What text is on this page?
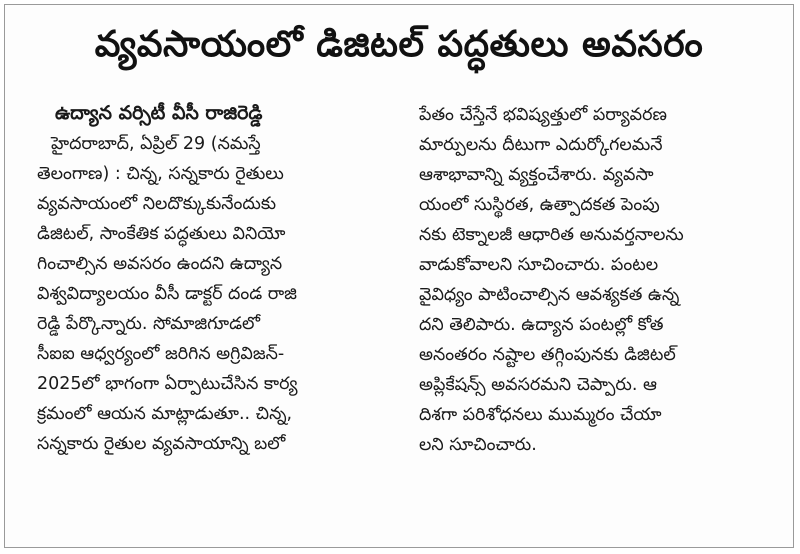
వ్యవసాయంలో డిజిటల్ పద్ధతులు అవసరం
ఉద్యాన వర్సిటీ వీసీ రాజిరెడ్డి
హైదరాబాద్, ఏప్రిల్ 29 (నమస్తే
తెలంగాణ) : చిన్న, సన్నకారు రైతులు
వ్యవసాయంలో నిలదొక్కుకునేందుకు
డిజిటల్, సాంకేతిక పద్ధతులు వినియో
గించాల్సిన అవసరం ఉందని ఉద్యాన
విశ్వవిద్యాలయం వీసీ డాక్టర్ దండ రాజి
రెడ్డి పేర్కొన్నారు. సోమాజిగూడలో
సీఐఐ ఆధ్వర్యంలో జరిగిన అగ్రివిజన్-
2025లో భాగంగా ఏర్పాటుచేసిన కార్య
క్రమంలో ఆయన మాట్లాడుతూ.. చిన్న,
సన్నకారు రైతుల వ్యవసాయాన్ని బలో
పేతం చేస్తేనే భవిష్యత్తులో పర్యావరణ
మార్పులను దీటుగా ఎదుర్కోగలమనే
ఆశాభావాన్ని వ్యక్తంచేశారు. వ్యవసా
యంలో సుస్థిరత, ఉత్పాదకత పెంపు
నకు టెక్నాలజీ ఆధారిత అనువర్తనాలను
వాడుకోవాలని సూచించారు. పంటల
వైవిధ్యం పాటించాల్సిన ఆవశ్యకత ఉన్న
దని తెలిపారు. ఉద్యాన పంటల్లో కోత
అనంతరం నష్టాల తగ్గింపునకు డిజిటల్
అప్లికేషన్స్ అవసరమని చెప్పారు. ఆ
దిశగా పరిశోధనలు ముమ్మరం చేయా
లని సూచించారు.
